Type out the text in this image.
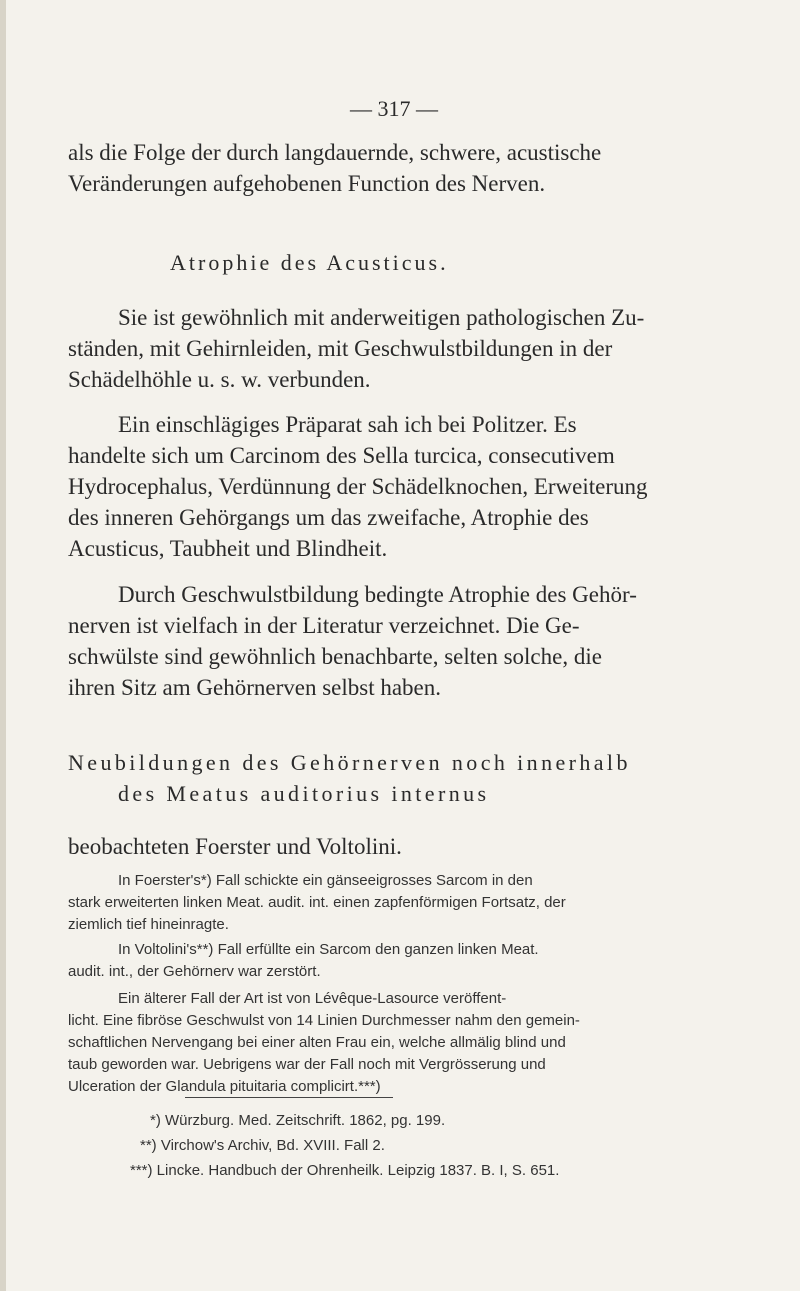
— 317 —
als die Folge der durch langdauernde, schwere, acustische
Veränderungen aufgehobenen Function des Nerven.
Atrophie des Acusticus.
Sie ist gewöhnlich mit anderweitigen pathologischen Zu-
ständen, mit Gehirnleiden, mit Geschwulstbildungen in der
Schädelhöhle u. s. w. verbunden.
Ein einschlägiges Präparat sah ich bei Politzer. Es
handelte sich um Carcinom des Sella turcica, consecutivem
Hydrocephalus, Verdünnung der Schädelknochen, Erweiterung
des inneren Gehörgangs um das zweifache, Atrophie des
Acusticus, Taubheit und Blindheit.
Durch Geschwulstbildung bedingte Atrophie des Gehör-
nerven ist vielfach in der Literatur verzeichnet. Die Ge-
schwülste sind gewöhnlich benachbarte, selten solche, die
ihren Sitz am Gehörnerven selbst haben.
Neubildungen des Gehörnerven noch innerhalb
des Meatus auditorius internus
beobachteten Foerster und Voltolini.
In Foerster's*) Fall schickte ein gänseeigrosses Sarcom in den
stark erweiterten linken Meat. audit. int. einen zapfenförmigen Fortsatz, der
ziemlich tief hineinragte.
In Voltolini's**) Fall erfüllte ein Sarcom den ganzen linken Meat.
audit. int., der Gehörnerv war zerstört.
Ein älterer Fall der Art ist von Lévêque-Lasource veröffent-
licht. Eine fibröse Geschwulst von 14 Linien Durchmesser nahm den gemein-
schaftlichen Nervengang bei einer alten Frau ein, welche allmälig blind und
taub geworden war. Uebrigens war der Fall noch mit Vergrösserung und
Ulceration der Glandula pituitaria complicirt.***)
*) Würzburg. Med. Zeitschrift. 1862, pg. 199.
**) Virchow's Archiv, Bd. XVIII. Fall 2.
***) Lincke. Handbuch der Ohrenheilk. Leipzig 1837. B. I, S. 651.
